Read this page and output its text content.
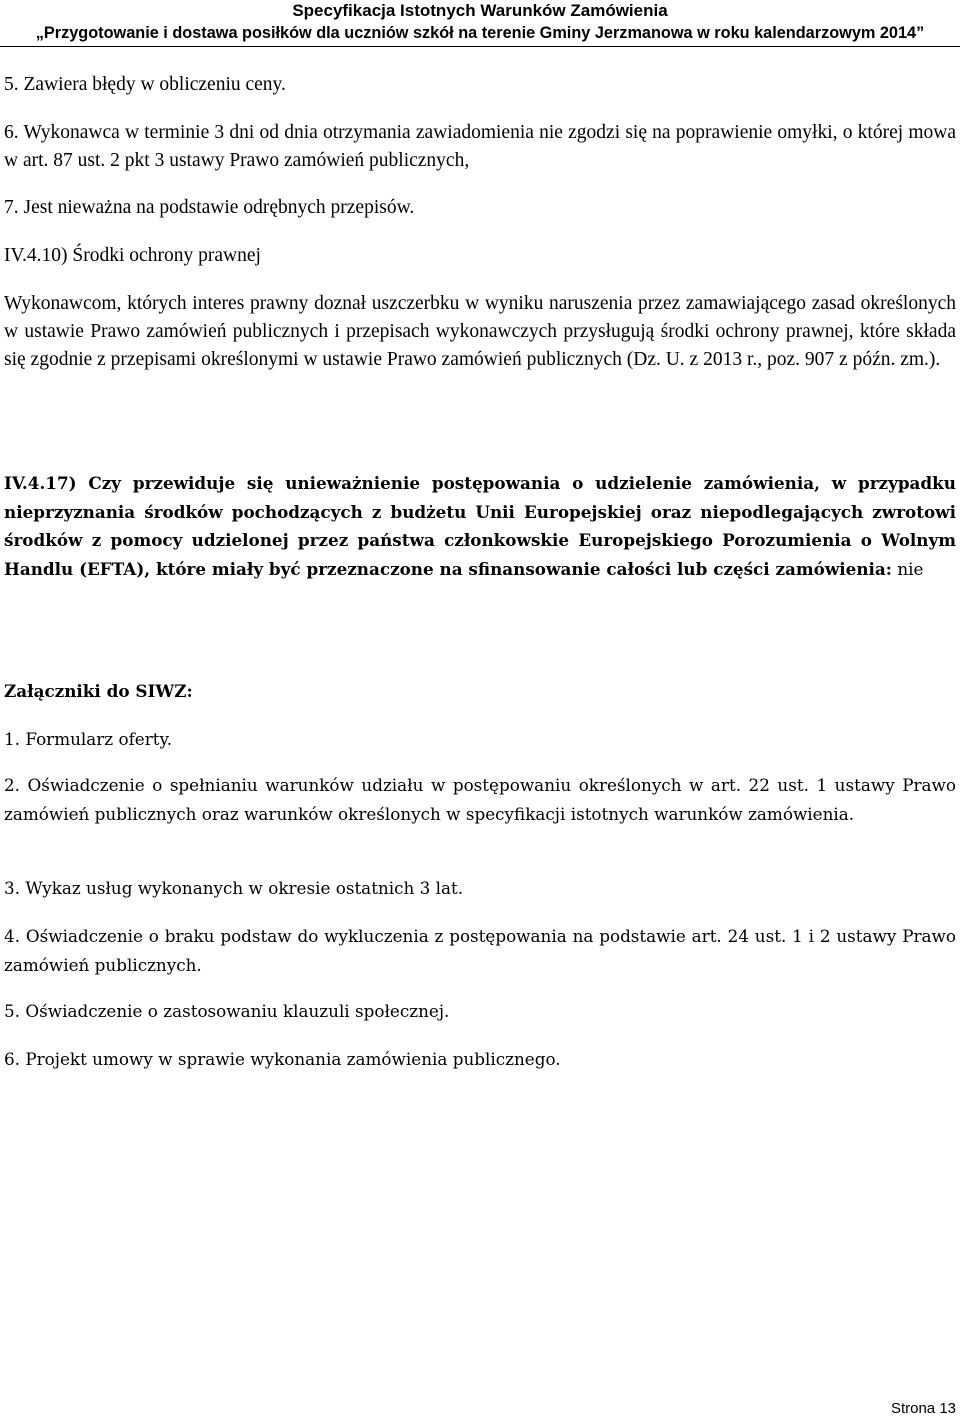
Specyfikacja Istotnych Warunków Zamówienia
„Przygotowanie i dostawa posiłków dla uczniów szkół na terenie Gminy Jerzmanowa w roku kalendarzowym 2014”
5. Zawiera błędy w obliczeniu ceny.
6. Wykonawca w terminie 3 dni od dnia otrzymania zawiadomienia nie zgodzi się na poprawienie omyłki, o której mowa w art. 87 ust. 2 pkt 3 ustawy Prawo zamówień publicznych,
7. Jest nieważna na podstawie odrębnych przepisów.
IV.4.10) Środki ochrony prawnej
Wykonawcom, których interes prawny doznał uszczerbku w wyniku naruszenia przez zamawiającego zasad określonych w ustawie Prawo zamówień publicznych i przepisach wykonawczych przysługują środki ochrony prawnej, które składa się zgodnie z przepisami określonymi w ustawie Prawo zamówień publicznych (Dz. U. z 2013 r., poz. 907 z późn. zm.).
IV.4.17) Czy przewiduje się unieważnienie postępowania o udzielenie zamówienia, w przypadku nieprzyznania środków pochodzących z budżetu Unii Europejskiej oraz niepodlegających zwrotowi środków z pomocy udzielonej przez państwa członkowskie Europejskiego Porozumienia o Wolnym Handlu (EFTA), które miały być przeznaczone na sfinansowanie całości lub części zamówienia: nie
Załączniki do SIWZ:
1. Formularz oferty.
2. Oświadczenie o spełnianiu warunków udziału w postępowaniu określonych w art. 22 ust. 1 ustawy Prawo zamówień publicznych oraz warunków określonych w specyfikacji istotnych warunków zamówienia.
3. Wykaz usług wykonanych w okresie ostatnich 3 lat.
4. Oświadczenie o braku podstaw do wykluczenia z postępowania na podstawie art. 24 ust. 1 i 2 ustawy Prawo zamówień publicznych.
5. Oświadczenie o zastosowaniu klauzuli społecznej.
6. Projekt umowy w sprawie wykonania zamówienia publicznego.
Strona 13
